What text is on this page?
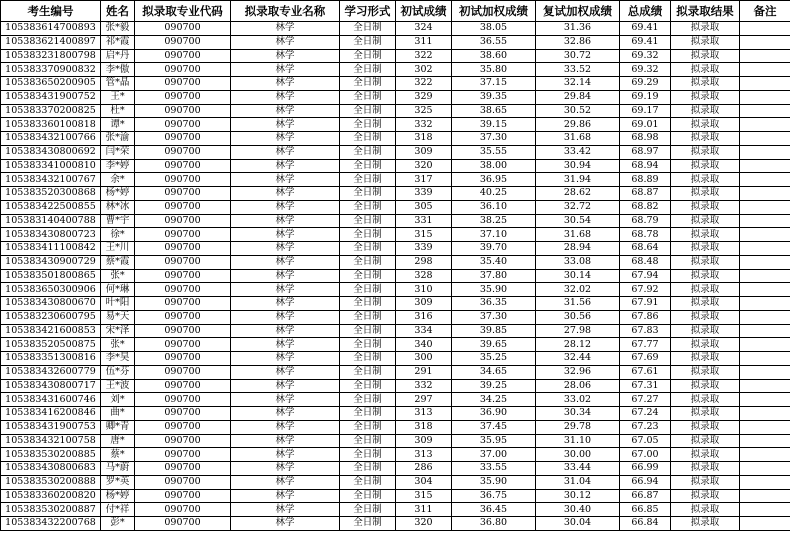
考生编号	姓名	拟录取专业代码	拟录取专业名称	学习形式	初试成绩	初试加权成绩	复试加权成绩	总成绩	拟录取结果	备注
105383614700893	张*毅	090700	林学	全日制	324	38.05	31.36	69.41	拟录取	
105383621400897	祁*霞	090700	林学	全日制	311	36.55	32.86	69.41	拟录取	
105383231800798	启*丹	090700	林学	全日制	322	38.60	30.72	69.32	拟录取	
105383370900832	李*傲	090700	林学	全日制	302	35.80	33.52	69.32	拟录取	
105383650200905	管*晶	090700	林学	全日制	322	37.15	32.14	69.29	拟录取	
105383431900752	王*	090700	林学	全日制	329	39.35	29.84	69.19	拟录取	
105383370200825	杜*	090700	林学	全日制	325	38.65	30.52	69.17	拟录取	
105383360100818	谭*	090700	林学	全日制	332	39.15	29.86	69.01	拟录取	
105383432100766	张*渝	090700	林学	全日制	318	37.30	31.68	68.98	拟录取	
105383430800692	闫*荣	090700	林学	全日制	309	35.55	33.42	68.97	拟录取	
105383341000810	李*婷	090700	林学	全日制	320	38.00	30.94	68.94	拟录取	
105383432100767	余*	090700	林学	全日制	317	36.95	31.94	68.89	拟录取	
105383520300868	杨*婷	090700	林学	全日制	339	40.25	28.62	68.87	拟录取	
105383422500855	林*冰	090700	林学	全日制	305	36.10	32.72	68.82	拟录取	
105383140400788	曹*宇	090700	林学	全日制	331	38.25	30.54	68.79	拟录取	
105383430800723	徐*	090700	林学	全日制	315	37.10	31.68	68.78	拟录取	
105383411100842	王*川	090700	林学	全日制	339	39.70	28.94	68.64	拟录取	
105383430900729	蔡*霞	090700	林学	全日制	298	35.40	33.08	68.48	拟录取	
105383501800865	张*	090700	林学	全日制	328	37.80	30.14	67.94	拟录取	
105383650300906	何*琳	090700	林学	全日制	310	35.90	32.02	67.92	拟录取	
105383430800670	叶*阳	090700	林学	全日制	309	36.35	31.56	67.91	拟录取	
105383230600795	易*天	090700	林学	全日制	316	37.30	30.56	67.86	拟录取	
105383421600853	宋*泽	090700	林学	全日制	334	39.85	27.98	67.83	拟录取	
105383520500875	张*	090700	林学	全日制	340	39.65	28.12	67.77	拟录取	
105383351300816	李*昊	090700	林学	全日制	300	35.25	32.44	67.69	拟录取	
105383432600779	伍*芬	090700	林学	全日制	291	34.65	32.96	67.61	拟录取	
105383430800717	王*波	090700	林学	全日制	332	39.25	28.06	67.31	拟录取	
105383431600746	刘*	090700	林学	全日制	297	34.25	33.02	67.27	拟录取	
105383416200846	曲*	090700	林学	全日制	313	36.90	30.34	67.24	拟录取	
105383431900753	卿*青	090700	林学	全日制	318	37.45	29.78	67.23	拟录取	
105383432100758	唐*	090700	林学	全日制	309	35.95	31.10	67.05	拟录取	
105383530200885	蔡*	090700	林学	全日制	313	37.00	30.00	67.00	拟录取	
105383430800683	马*蔚	090700	林学	全日制	286	33.55	33.44	66.99	拟录取	
105383530200888	罗*英	090700	林学	全日制	304	35.90	31.04	66.94	拟录取	
105383360200820	杨*婷	090700	林学	全日制	315	36.75	30.12	66.87	拟录取	
105383530200887	付*祥	090700	林学	全日制	311	36.45	30.40	66.85	拟录取	
105383432200768	彭*	090700	林学	全日制	320	36.80	30.04	66.84	拟录取	
